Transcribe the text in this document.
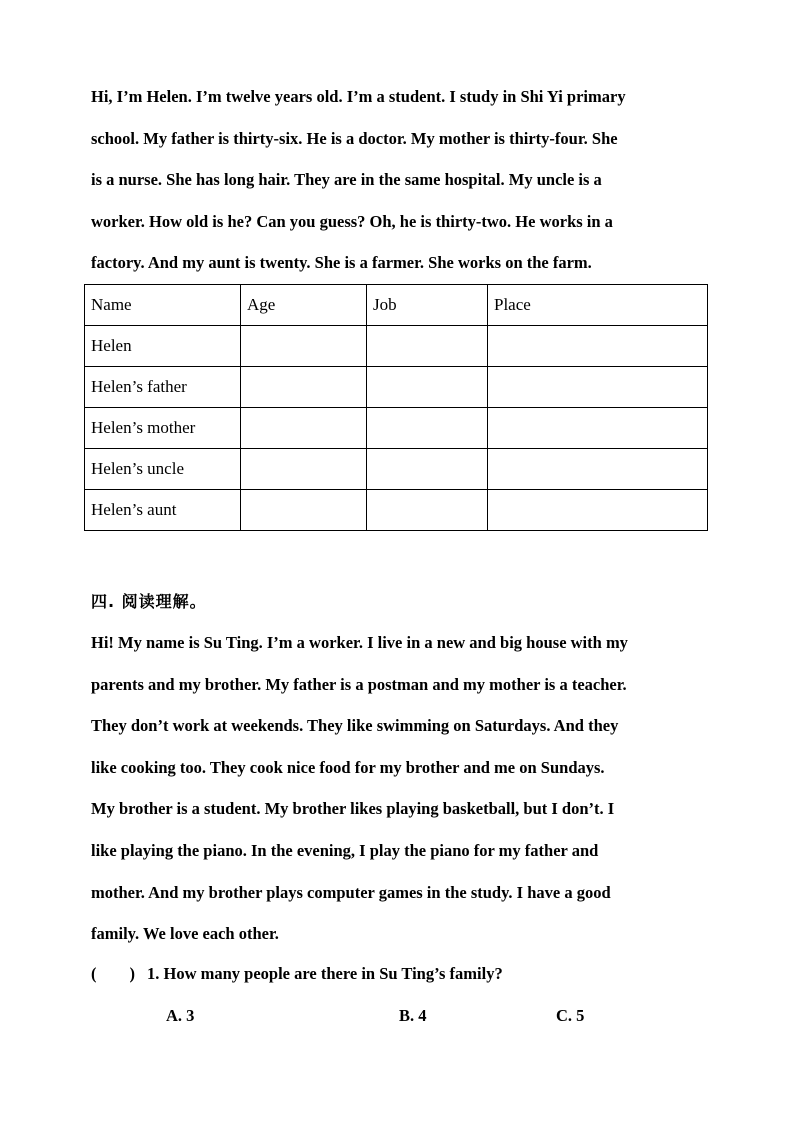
Hi, I’m Helen. I’m twelve years old. I’m a student. I study in Shi Yi primary
school. My father is thirty-six. He is a doctor. My mother is thirty-four. She
is a nurse. She has long hair. They are in the same hospital. My uncle is a
worker. How old is he? Can you guess? Oh, he is thirty-two. He works in a
factory. And my aunt is twenty. She is a farmer. She works on the farm.
Name	Age	Job	Place
Helen			
Helen’s father			
Helen’s mother			
Helen’s uncle			
Helen’s aunt			
四. 阅读理解。
Hi! My name is Su Ting. I’m a worker. I live in a new and big house with my
parents and my brother. My father is a postman and my mother is a teacher.
They don’t work at weekends. They like swimming on Saturdays. And they
like cooking too. They cook nice food for my brother and me on Sundays.
My brother is a student. My brother likes playing basketball, but I don’t. I
like playing the piano. In the evening, I play the piano for my father and
mother. And my brother plays computer games in the study. I have a good
family. We love each other.
(        ) 1. How many people are there in Su Ting’s family?
A. 3	B. 4	C. 5
